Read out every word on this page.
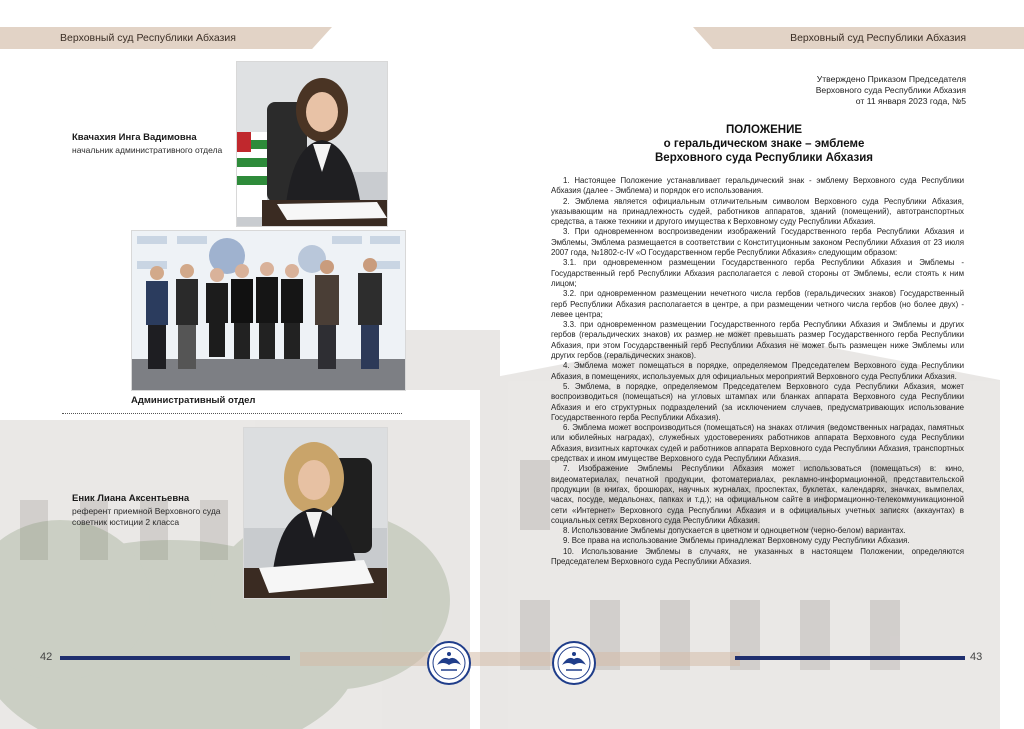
Верховный суд Республики Абхазия	Верховный суд Республики Абхазия
Квачахия Инга Вадимовна
начальник административного отдела
Административный отдел
Еник Лиана Аксентьевна
референт приемной Верховного суда
советник юстиции 2 класса
Утверждено Приказом Председателя
Верховного суда Республики Абхазия
от 11 января 2023 года, №5
ПОЛОЖЕНИЕ
о геральдическом знаке – эмблеме
Верховного суда Республики Абхазия

1. Настоящее Положение устанавливает геральдический знак - эмблему Верховного суда Республики Абхазия (далее - Эмблема) и порядок его использования.

2. Эмблема является официальным отличительным символом Верховного суда Республики Абхазия, указывающим на принадлежность судей, работников аппаратов, зданий (помещений), автотранспортных средства, а также техники и другого имущества к Верховному суду Республики Абхазия.

3. При одновременном воспроизведении изображений Государственного герба Республики Абхазия и Эмблемы, Эмблема размещается в соответствии с Конституционным законом Республики Абхазия от 23 июля 2007 года, №1802-с-IV «О Государственном гербе Республики Абхазия» следующим образом:

3.1. при одновременном размещении Государственного герба Республики Абхазия и Эмблемы - Государственный герб Республики Абхазия располагается с левой стороны от Эмблемы, если стоять к ним лицом;

3.2. при одновременном размещении нечетного числа гербов (геральдических знаков) Государственный герб Республики Абхазия располагается в центре, а при размещении четного числа гербов (но более двух) - левее центра;

3.3. при одновременном размещении Государственного герба Республики Абхазия и Эмблемы и других гербов (геральдических знаков) их размер не может превышать размер Государственного герба Республики Абхазия, при этом Государственный герб Республики Абхазия не может быть размещен ниже Эмблемы или других гербов (геральдических знаков).

4. Эмблема может помещаться в порядке, определяемом Председателем Верховного суда Республики Абхазия, в помещениях, используемых для официальных мероприятий Верховного суда Республики Абхазия.

5. Эмблема, в порядке, определяемом Председателем Верховного суда Республики Абхазия, может воспроизводиться (помещаться) на угловых штампах или бланках аппарата Верховного суда Республики Абхазия и его структурных подразделений (за исключением случаев, предусматривающих использование Государственного герба Республики Абхазия).

6. Эмблема может воспроизводиться (помещаться) на знаках отличия (ведомственных наградах, памятных или юбилейных наградах), служебных удостоверениях работников аппарата Верховного суда Республики Абхазия, визитных карточках судей и работников аппарата Верховного суда Республики Абхазия, транспортных средствах и ином имуществе Верховного суда Республики Абхазия.

7. Изображение Эмблемы Республики Абхазия может использоваться (помещаться) в: кино, видеоматериалах, печатной продукции, фотоматериалах, рекламно-информационной, представительской продукции (в книгах, брошюрах, научных журналах, проспектах, буклетах, календарях, значках, вымпелах, часах, посуде, медальонах, папках и т.д.); на официальном сайте в информационно-телекоммуникационной сети «Интернет» Верховного суда Республики Абхазия и в официальных учетных записях (аккаунтах) в социальных сетях Верховного суда Республики Абхазия.

8. Использование Эмблемы допускается в цветном и одноцветном (черно-белом) вариантах.

9. Все права на использование Эмблемы принадлежат Верховному суду Республики Абхазия.

10. Использование Эмблемы в случаях, не указанных в настоящем Положении, определяются Председателем Верховного суда Республики Абхазия.

42	43
